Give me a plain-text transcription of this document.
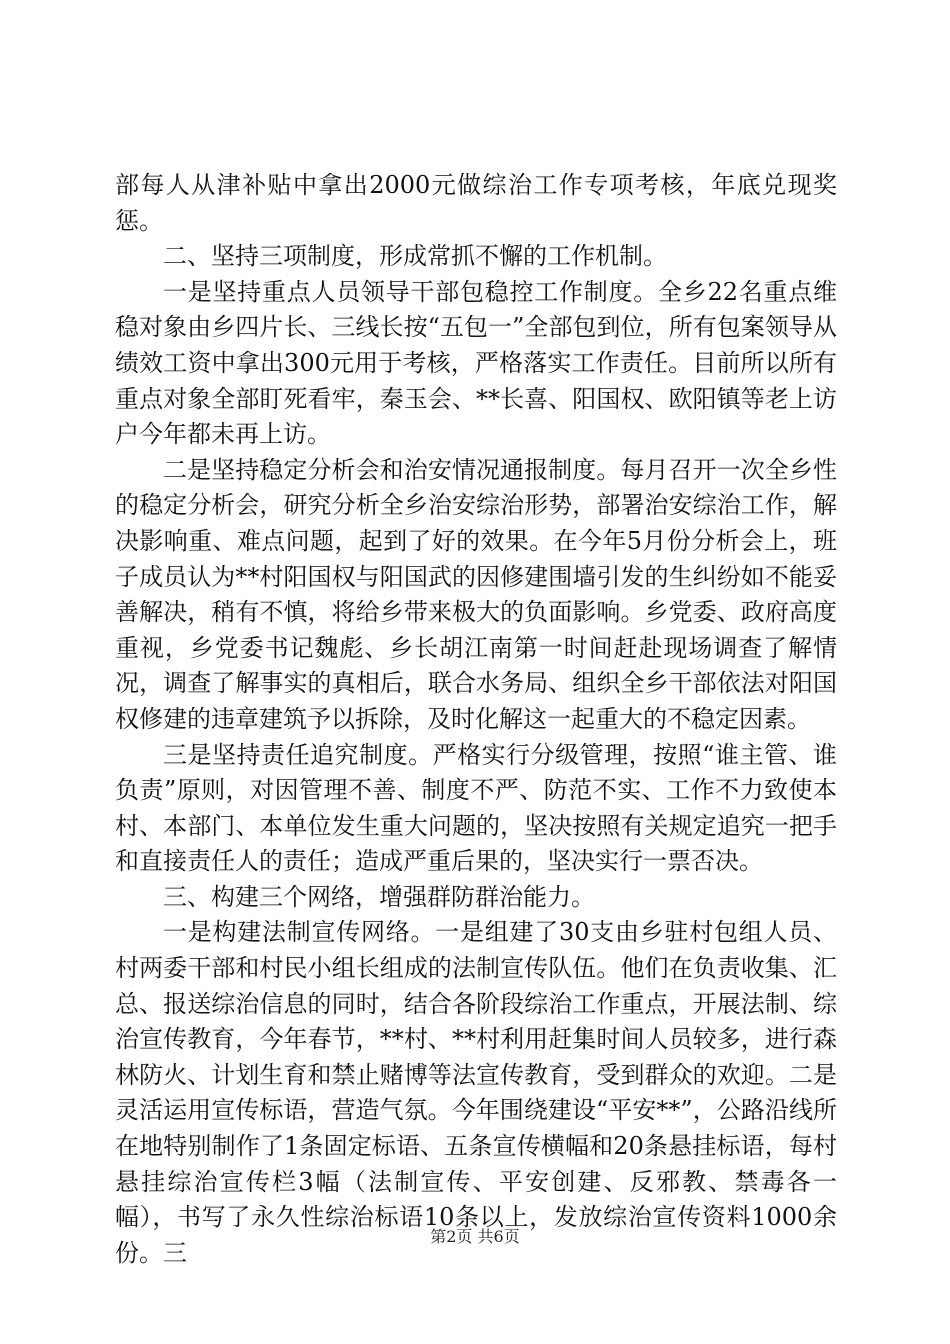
部每人从津补贴中拿出2000元做综治工作专项考核，年底兑现奖惩。

二、坚持三项制度，形成常抓不懈的工作机制。

一是坚持重点人员领导干部包稳控工作制度。全乡22名重点维稳对象由乡四片长、三线长按“五包一”全部包到位，所有包案领导从绩效工资中拿出300元用于考核，严格落实工作责任。目前所以所有重点对象全部盯死看牢，秦玉会、**长喜、阳国权、欧阳镇等老上访户今年都未再上访。

二是坚持稳定分析会和治安情况通报制度。每月召开一次全乡性的稳定分析会，研究分析全乡治安综治形势，部署治安综治工作，解决影响重、难点问题，起到了好的效果。在今年5月份分析会上，班子成员认为**村阳国权与阳国武的因修建围墙引发的生纠纷如不能妥善解决，稍有不慎，将给乡带来极大的负面影响。乡党委、政府高度重视，乡党委书记魏彪、乡长胡江南第一时间赶赴现场调查了解情况，调查了解事实的真相后，联合水务局、组织全乡干部依法对阳国权修建的违章建筑予以拆除，及时化解这一起重大的不稳定因素。

三是坚持责任追究制度。严格实行分级管理，按照“谁主管、谁负责”原则，对因管理不善、制度不严、防范不实、工作不力致使本村、本部门、本单位发生重大问题的，坚决按照有关规定追究一把手和直接责任人的责任；造成严重后果的，坚决实行一票否决。

三、构建三个网络，增强群防群治能力。

一是构建法制宣传网络。一是组建了30支由乡驻村包组人员、村两委干部和村民小组长组成的法制宣传队伍。他们在负责收集、汇总、报送综治信息的同时，结合各阶段综治工作重点，开展法制、综治宣传教育，今年春节，**村、**村利用赶集时间人员较多，进行森林防火、计划生育和禁止赌博等法宣传教育，受到群众的欢迎。二是灵活运用宣传标语，营造气氛。今年围绕建设“平安**”，公路沿线所在地特别制作了1条固定标语、五条宣传横幅和20条悬挂标语，每村悬挂综治宣传栏3幅（法制宣传、平安创建、反邪教、禁毒各一幅），书写了永久性综治标语10条以上，发放综治宣传资料1000余份。三

第2页 共6页
